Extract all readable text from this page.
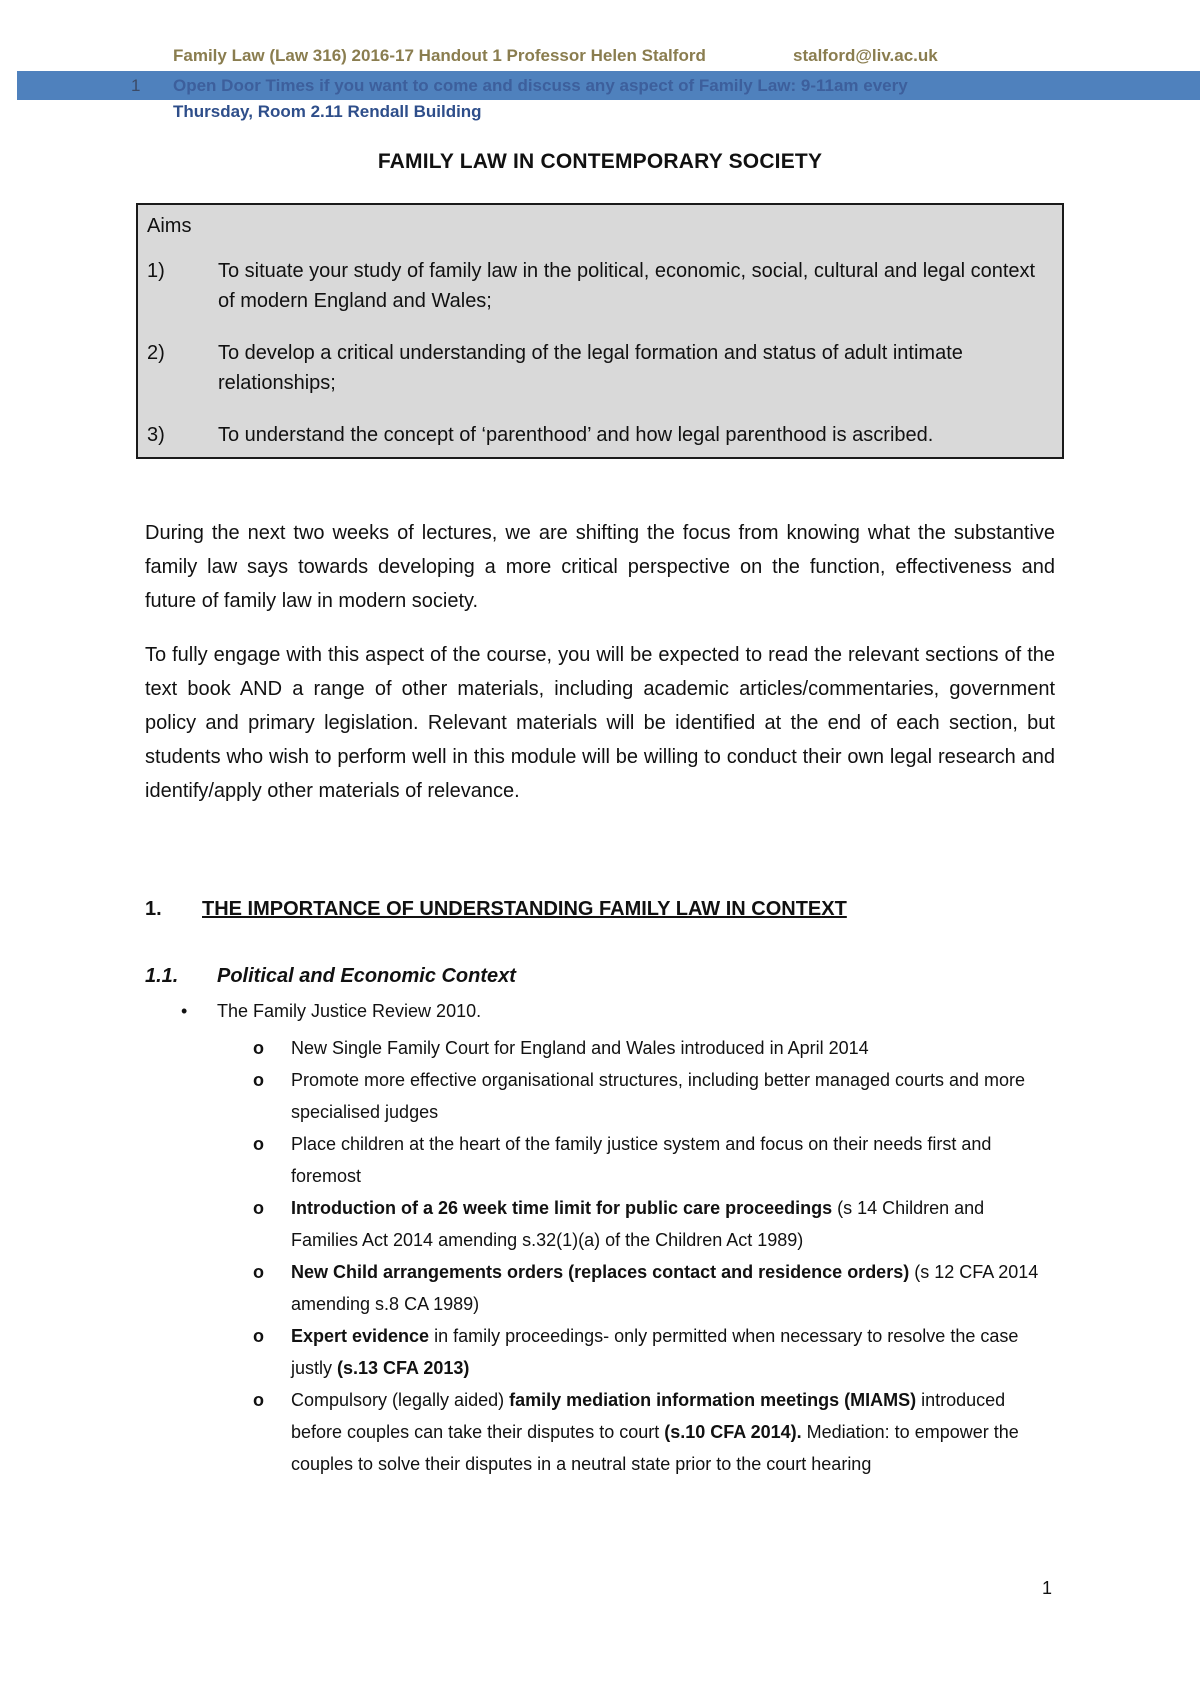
Family Law (Law 316) 2016-17 Handout 1 Professor Helen Stalford	stalford@liv.ac.uk
1 Open Door Times if you want to come and discuss any aspect of Family Law: 9-11am every
Thursday, Room 2.11 Rendall Building
FAMILY LAW IN CONTEMPORARY SOCIETY
Aims
1)	To situate your study of family law in the political, economic, social, cultural and legal context of modern England and Wales;
2)	To develop a critical understanding of the legal formation and status of adult intimate relationships;
3)	To understand the concept of ‘parenthood’ and how legal parenthood is ascribed.
During the next two weeks of lectures, we are shifting the focus from knowing what the substantive family law says towards developing a more critical perspective on the function, effectiveness and future of family law in modern society.
To fully engage with this aspect of the course, you will be expected to read the relevant sections of the text book AND a range of other materials, including academic articles/commentaries, government policy and primary legislation. Relevant materials will be identified at the end of each section, but students who wish to perform well in this module will be willing to conduct their own legal research and identify/apply other materials of relevance.
1. THE IMPORTANCE OF UNDERSTANDING FAMILY LAW IN CONTEXT
1.1. Political and Economic Context
• The Family Justice Review 2010.
o	New Single Family Court for England and Wales introduced in April 2014
o	Promote more effective organisational structures, including better managed courts and more specialised judges
o	Place children at the heart of the family justice system and focus on their needs first and foremost
o	Introduction of a 26 week time limit for public care proceedings (s 14 Children and Families Act 2014 amending s.32(1)(a) of the Children Act 1989)
o	New Child arrangements orders (replaces contact and residence orders) (s 12 CFA 2014 amending s.8 CA 1989)
o	Expert evidence in family proceedings- only permitted when necessary to resolve the case justly (s.13 CFA 2013)
o	Compulsory (legally aided) family mediation information meetings (MIAMS) introduced before couples can take their disputes to court (s.10 CFA 2014). Mediation: to empower the couples to solve their disputes in a neutral state prior to the court hearing
1
